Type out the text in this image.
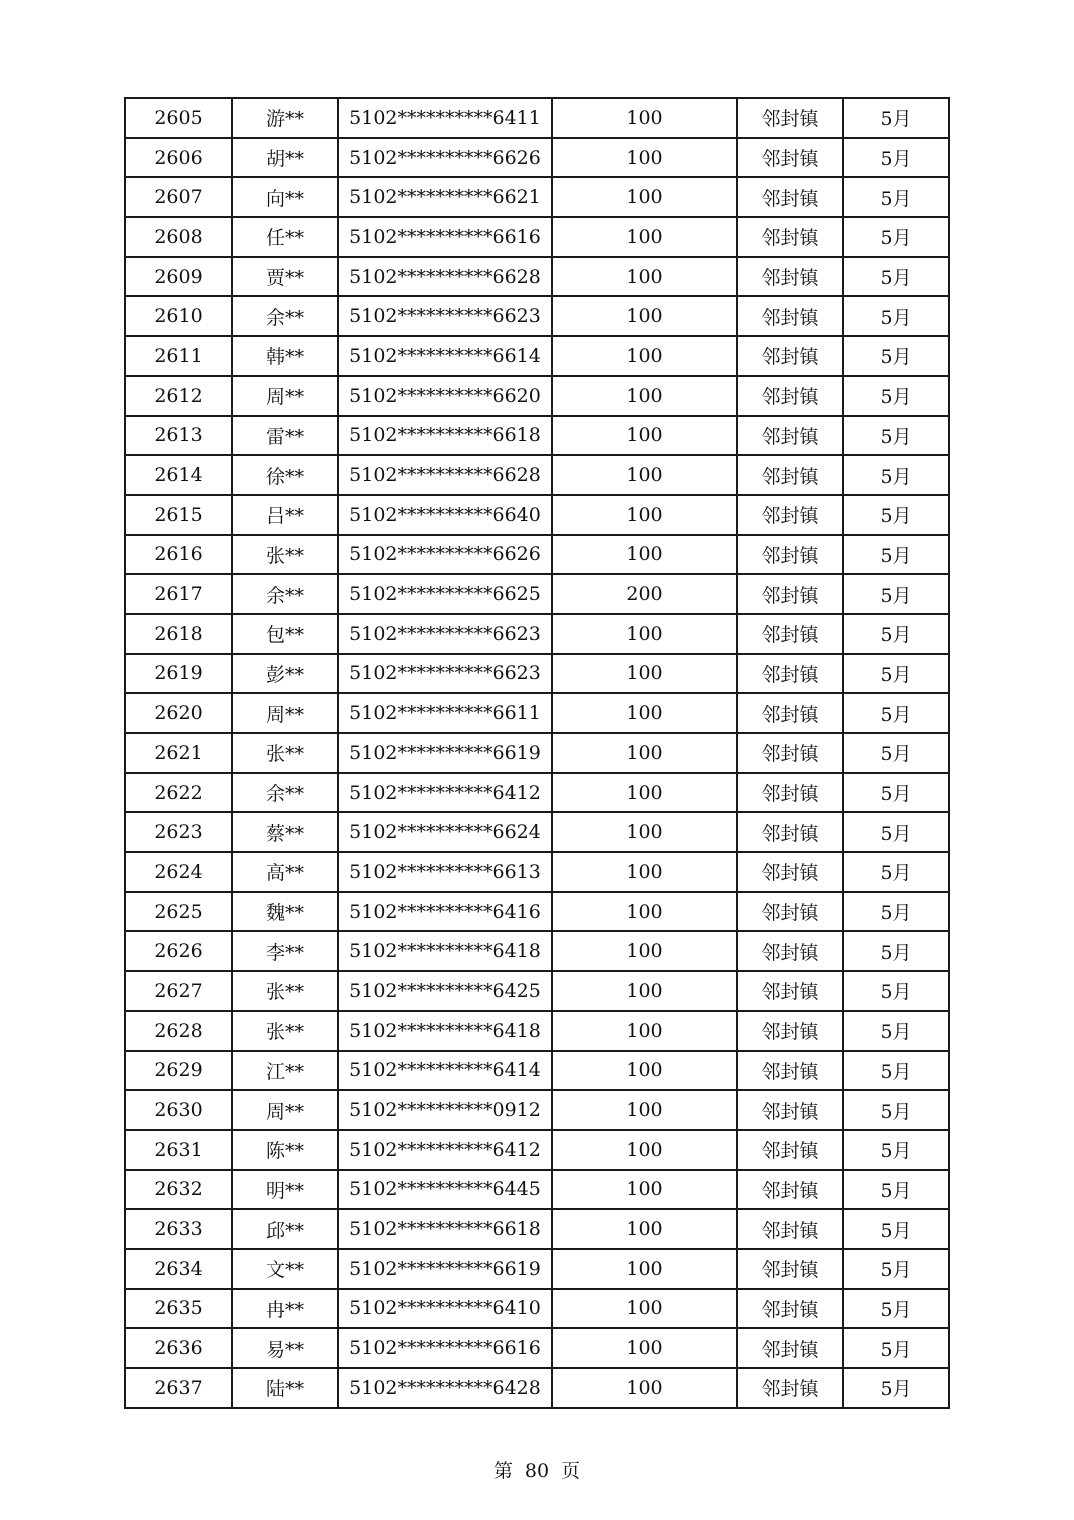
2605	游**	5102**********6411	100	邻封镇	5月
2606	胡**	5102**********6626	100	邻封镇	5月
2607	向**	5102**********6621	100	邻封镇	5月
2608	任**	5102**********6616	100	邻封镇	5月
2609	贾**	5102**********6628	100	邻封镇	5月
2610	余**	5102**********6623	100	邻封镇	5月
2611	韩**	5102**********6614	100	邻封镇	5月
2612	周**	5102**********6620	100	邻封镇	5月
2613	雷**	5102**********6618	100	邻封镇	5月
2614	徐**	5102**********6628	100	邻封镇	5月
2615	吕**	5102**********6640	100	邻封镇	5月
2616	张**	5102**********6626	100	邻封镇	5月
2617	余**	5102**********6625	200	邻封镇	5月
2618	包**	5102**********6623	100	邻封镇	5月
2619	彭**	5102**********6623	100	邻封镇	5月
2620	周**	5102**********6611	100	邻封镇	5月
2621	张**	5102**********6619	100	邻封镇	5月
2622	余**	5102**********6412	100	邻封镇	5月
2623	蔡**	5102**********6624	100	邻封镇	5月
2624	高**	5102**********6613	100	邻封镇	5月
2625	魏**	5102**********6416	100	邻封镇	5月
2626	李**	5102**********6418	100	邻封镇	5月
2627	张**	5102**********6425	100	邻封镇	5月
2628	张**	5102**********6418	100	邻封镇	5月
2629	江**	5102**********6414	100	邻封镇	5月
2630	周**	5102**********0912	100	邻封镇	5月
2631	陈**	5102**********6412	100	邻封镇	5月
2632	明**	5102**********6445	100	邻封镇	5月
2633	邱**	5102**********6618	100	邻封镇	5月
2634	文**	5102**********6619	100	邻封镇	5月
2635	冉**	5102**********6410	100	邻封镇	5月
2636	易**	5102**********6616	100	邻封镇	5月
2637	陆**	5102**********6428	100	邻封镇	5月
第 80 页
